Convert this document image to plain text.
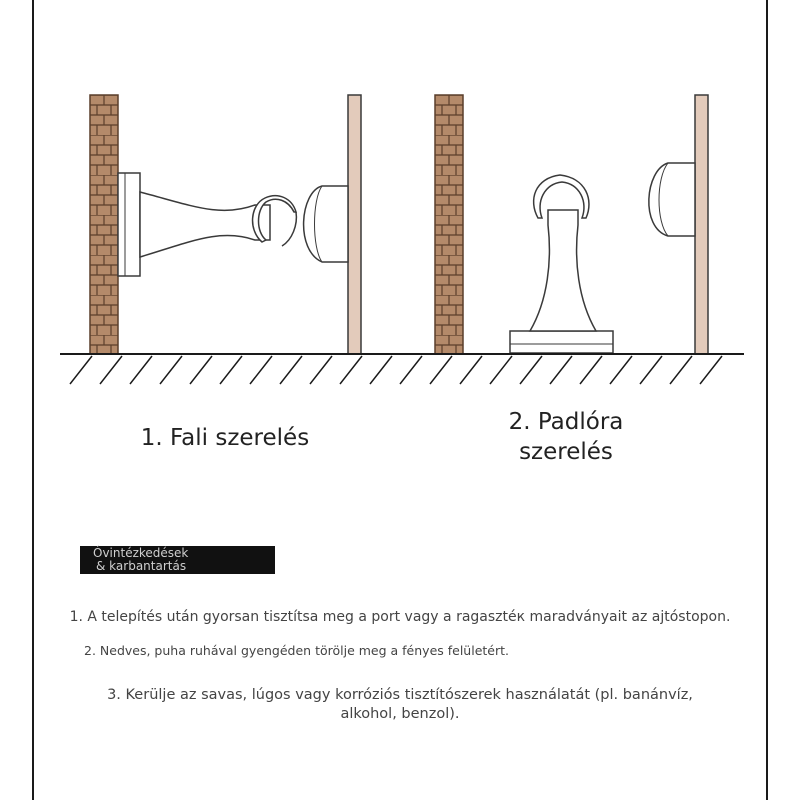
1. Fali szerelés
2. Padlóra
szerelés
Óvintézkedések
& karbantartás
1. A telepítés után gyorsan tisztítsa meg a port vagy a ragasztéк maradványait az ajtóstopon.
2. Nedves, puha ruhával gyengéden törölje meg a fényes felületért.
3. Kerülje az savas, lúgos vagy korróziós tisztítószerek használatát (pl. banánvíz, alkohol, benzol).
